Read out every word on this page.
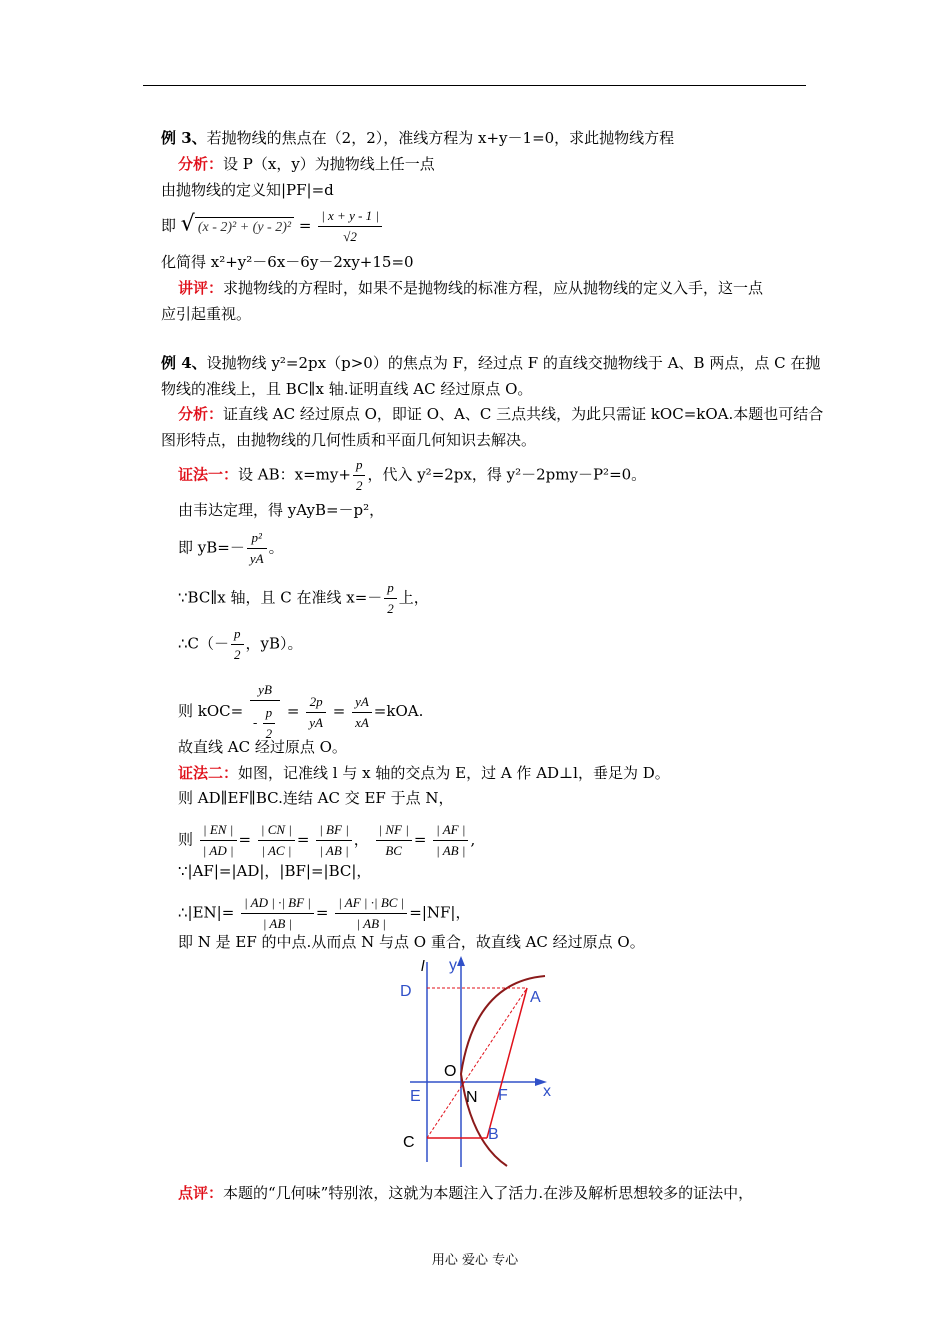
例 3、若抛物线的焦点在（2，2），准线方程为 x+y－1=0，求此抛物线方程
分析：设 P（x，y）为抛物线上任一点
由抛物线的定义知|PF|=d
即 √ $(x - 2)^2 + (y - 2)^2 = \frac{| x + y - 1 |}{√2}$
化简得 x²+y²－6x－6y－2xy+15=0
讲评：求抛物线的方程时，如果不是抛物线的标准方程，应从抛物线的定义入手，这一点
应引起重视。
例 4、设抛物线 y²=2px（p>0）的焦点为 F，经过点 F 的直线交抛物线于 A、B 两点，点 C 在抛
物线的准线上，且 BC∥x 轴.证明直线 AC 经过原点 O。
分析：证直线 AC 经过原点 O，即证 O、A、C 三点共线，为此只需证 kOC=kOA.本题也可结合
图形特点，由抛物线的几何性质和平面几何知识去解决。
证法一：设 AB：$x=my+ \frac{p}{2}$ ，代入 y²=2px，得 y²－2pmy－P²=0。
由韦达定理，得 yAyB=－p²，
即 $yB=- \frac{\text{p²}}{yA}$ 。
∵BC∥x 轴，且 C 在准线 $x=- \frac{p}{2}$ 上，
∴C（－ $\frac{p}{2}$ ，yB）。
则 $kOC= \frac{yB}{- \frac{p}{2}} = \frac{2p}{yA} = \frac{yA}{xA} =kOA$.
故直线 AC 经过原点 O。
证法二：如图，记准线 l 与 x 轴的交点为 E，过 A 作 AD⊥l，垂足为 D。
则 AD∥EF∥BC.连结 AC 交 EF 于点 N，
则 $\frac{| EN |}{| AD |} = \frac{| CN |}{| AC |} = \frac{| BF |}{| AB |}$ ， $\frac{| NF |}{BC} = \frac{| AF |}{| AB |}$ ,
∵|AF|=|AD|，|BF|=|BC|，
∴|EN|= $\frac{| AD | \cdot| BF |}{| AB |} = \frac{| AF | \cdot| BC |}{| AB |} =|NF|$，
即 N 是 EF 的中点.从而点 N 与点 O 重合，故直线 AC 经过原点 O。
l y
D	A
O
E	N F x
C	B
点评：本题的“几何味”特别浓，这就为本题注入了活力.在涉及解析思想较多的证法中，
用心 爱心 专心
